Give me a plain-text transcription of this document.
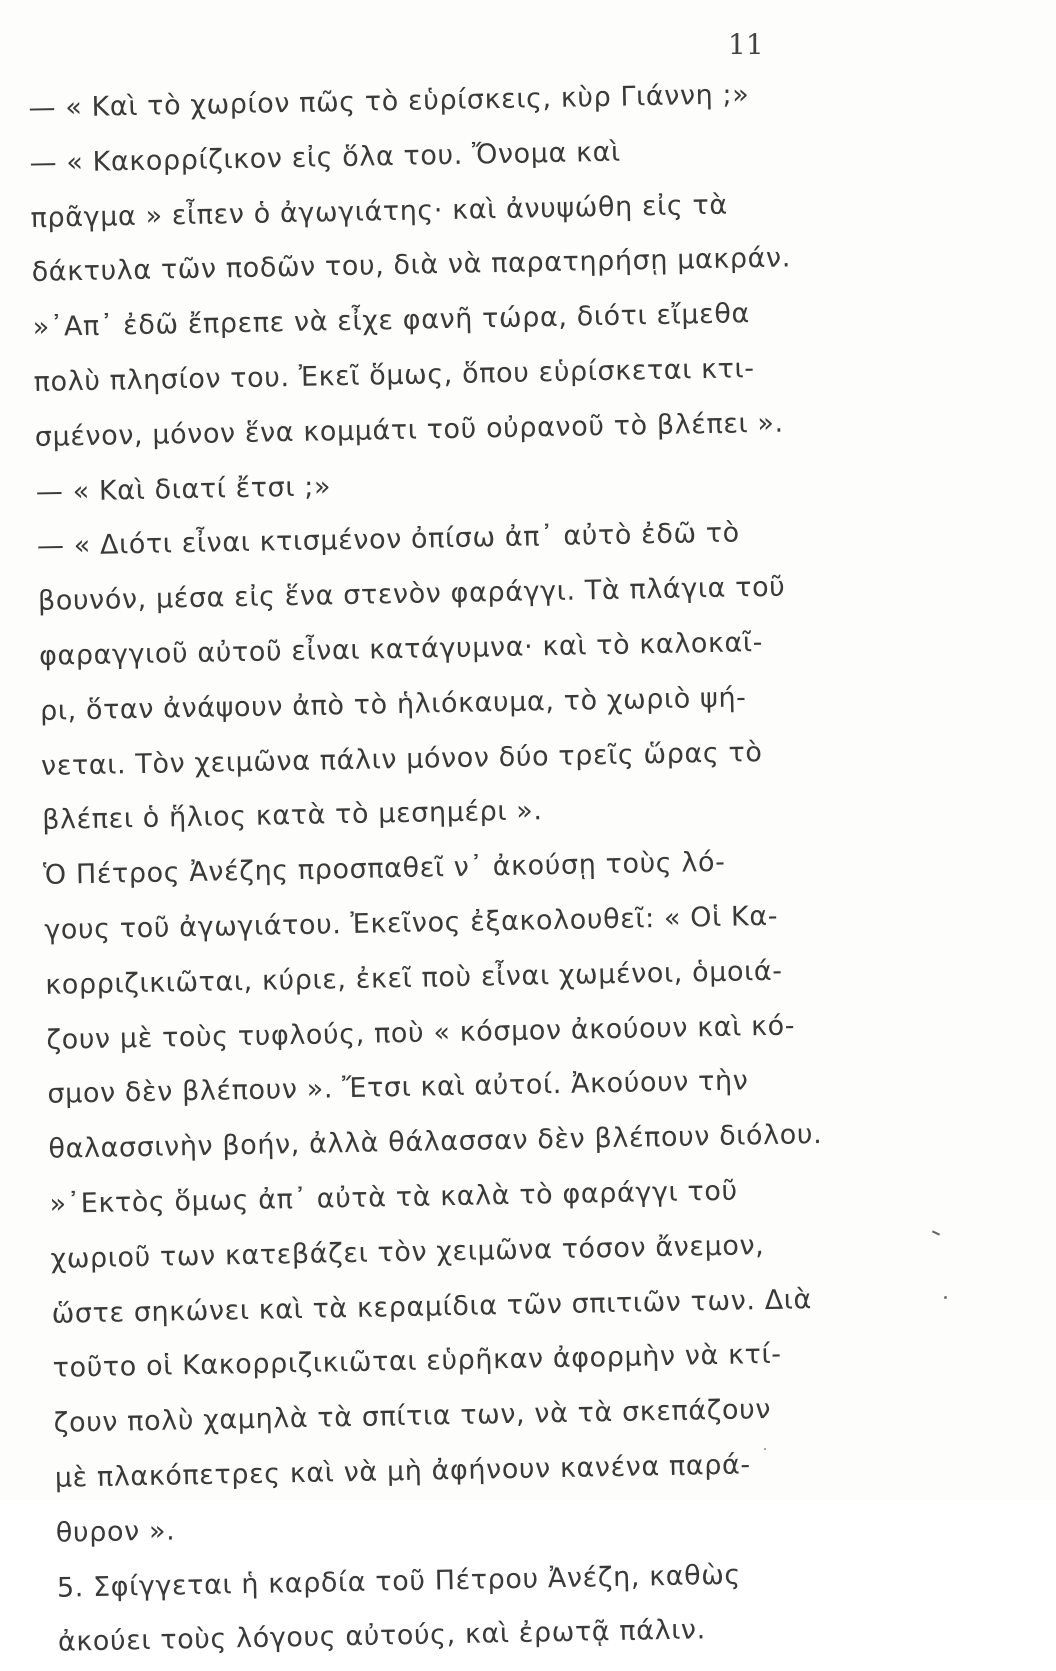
11
— « Καὶ τὸ χωρίον πῶς τὸ εὑρίσκεις, κὺρ Γιάννη ;»
— « Κακορρίζικον εἰς ὅλα του. Ὄνομα καὶ
πρᾶγμα » εἶπεν ὁ ἀγωγιάτης· καὶ ἀνυψώθη εἰς τὰ
δάκτυλα τῶν ποδῶν του, διὰ νὰ παρατηρήσῃ μακράν.
»᾿Απ᾿ ἐδῶ ἔπρεπε νὰ εἶχε φανῆ τώρα, διότι εἴμεθα
πολὺ πλησίον του. Ἐκεῖ ὅμως, ὅπου εὑρίσκεται κτι-
σμένον, μόνον ἕνα κομμάτι τοῦ οὐρανοῦ τὸ βλέπει ».
— « Καὶ διατί ἔτσι ;»
— « Διότι εἶναι κτισμένον ὀπίσω ἀπ᾿ αὐτὸ ἐδῶ τὸ
βουνόν, μέσα εἰς ἕνα στενὸν φαράγγι. Τὰ πλάγια τοῦ
φαραγγιοῦ αὐτοῦ εἶναι κατάγυμνα· καὶ τὸ καλοκαῖ-
ρι, ὅταν ἀνάψουν ἀπὸ τὸ ἡλιόκαυμα, τὸ χωριὸ ψή-
νεται. Τὸν χειμῶνα πάλιν μόνον δύο τρεῖς ὥρας τὸ
βλέπει ὁ ἥλιος κατὰ τὸ μεσημέρι ».
Ὁ Πέτρος Ἀνέζης προσπαθεῖ ν᾿ ἀκούσῃ τοὺς λό-
γους τοῦ ἀγωγιάτου. Ἐκεῖνος ἐξακολουθεῖ: « Οἱ Κα-
κορριζικιῶται, κύριε, ἐκεῖ ποὺ εἶναι χωμένοι, ὁμοιά-
ζουν μὲ τοὺς τυφλούς, ποὺ « κόσμον ἀκούουν καὶ κό-
σμον δὲν βλέπουν ». Ἔτσι καὶ αὐτοί. Ἀκούουν τὴν
θαλασσινὴν βοήν, ἀλλὰ θάλασσαν δὲν βλέπουν διόλου.
»᾿Εκτὸς ὅμως ἀπ᾿ αὐτὰ τὰ καλὰ τὸ φαράγγι τοῦ
χωριοῦ των κατεβάζει τὸν χειμῶνα τόσον ἄνεμον,
ὥστε σηκώνει καὶ τὰ κεραμίδια τῶν σπιτιῶν των. Διὰ
τοῦτο οἱ Κακορριζικιῶται εὑρῆκαν ἀφορμὴν νὰ κτί-
ζουν πολὺ χαμηλὰ τὰ σπίτια των, νὰ τὰ σκεπάζουν
μὲ πλακόπετρες καὶ νὰ μὴ ἀφήνουν κανένα παρά-
θυρον ».
5. Σφίγγεται ἡ καρδία τοῦ Πέτρου Ἀνέζη, καθὼς
ἀκούει τοὺς λόγους αὐτούς, καὶ ἐρωτᾷ πάλιν.
